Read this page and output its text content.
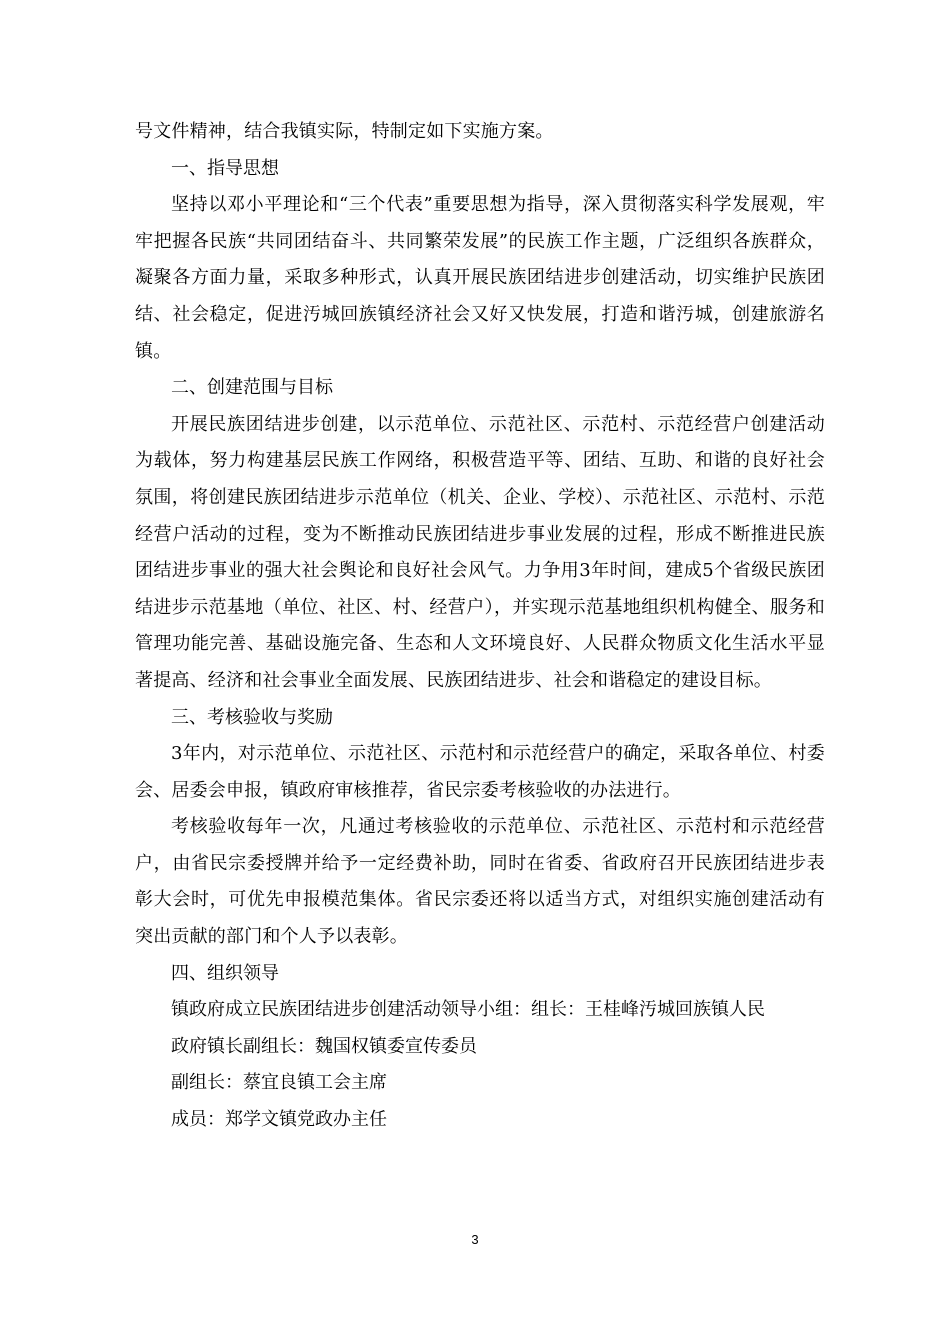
号文件精神，结合我镇实际，特制定如下实施方案。

一、指导思想

坚持以邓小平理论和“三个代表”重要思想为指导，深入贯彻落实科学发展观，牢牢把握各民族“共同团结奋斗、共同繁荣发展”的民族工作主题，广泛组织各族群众，凝聚各方面力量，采取多种形式，认真开展民族团结进步创建活动，切实维护民族团结、社会稳定，促进汚城回族镇经济社会又好又快发展，打造和谐汚城，创建旅游名镇。

二、创建范围与目标

开展民族团结进步创建，以示范单位、示范社区、示范村、示范经营户创建活动为载体，努力构建基层民族工作网络，积极营造平等、团结、互助、和谐的良好社会氛围，将创建民族团结进步示范单位（机关、企业、学校）、示范社区、示范村、示范经营户活动的过程，变为不断推动民族团结进步事业发展的过程，形成不断推进民族团结进步事业的强大社会舆论和良好社会风气。力争用3年时间，建成5个省级民族团结进步示范基地（单位、社区、村、经营户），并实现示范基地组织机构健全、服务和管理功能完善、基础设施完备、生态和人文环境良好、人民群众物质文化生活水平显著提高、经济和社会事业全面发展、民族团结进步、社会和谐稳定的建设目标。

三、考核验收与奖励

3年内，对示范单位、示范社区、示范村和示范经营户的确定，采取各单位、村委会、居委会申报，镇政府审核推荐，省民宗委考核验收的办法进行。

考核验收每年一次，凡通过考核验收的示范单位、示范社区、示范村和示范经营户，由省民宗委授牌并给予一定经费补助，同时在省委、省政府召开民族团结进步表彰大会时，可优先申报模范集体。省民宗委还将以适当方式，对组织实施创建活动有突出贡献的部门和个人予以表彰。

四、组织领导

镇政府成立民族团结进步创建活动领导小组：组长：王桂峰汚城回族镇人民

政府镇长副组长：魏国权镇委宣传委员

副组长：蔡宜良镇工会主席

成员：郑学文镇党政办主任

3
